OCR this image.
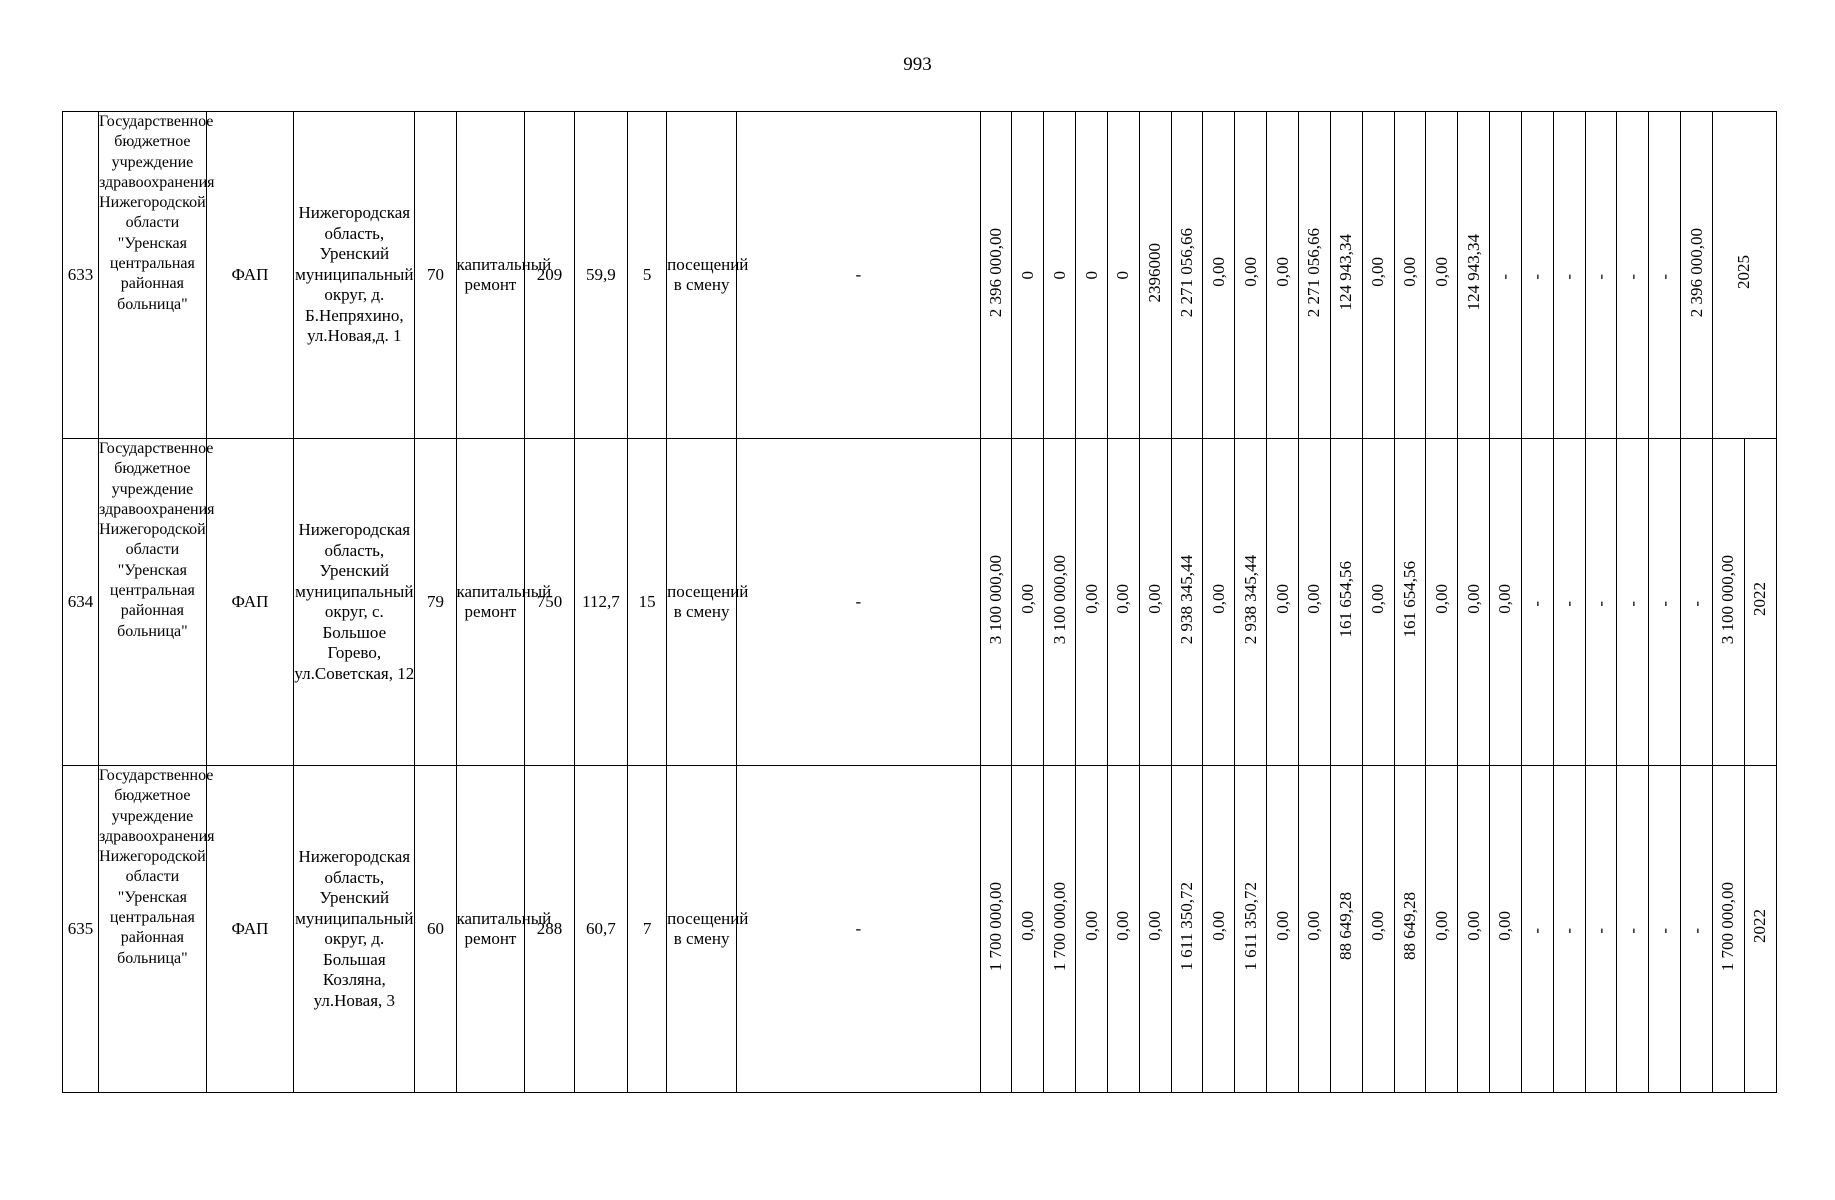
993
633	Государственное бюджетное учреждение здравоохранения Нижегородской области "Уренская центральная районная больница"	ФАП	Нижегородская область, Уренский муниципальный округ, д. Б.Непряхино, ул.Новая,д. 1	70	капитальный ремонт	209	59,9	5	посещений в смену	-	2 396 000,00	0	0	0	0	2396000	2 271 056,66	0,00	0,00	0,00	2 271 056,66	124 943,34	0,00	0,00	0,00	124 943,34	-	-	-	-	-	-	2 396 000,00	2025	
634	Государственное бюджетное учреждение здравоохранения Нижегородской области "Уренская центральная районная больница"	ФАП	Нижегородская область, Уренский муниципальный округ, с. Большое Горево, ул.Советская, 12	79	капитальный ремонт	750	112,7	15	посещений в смену	-	3 100 000,00	0,00	3 100 000,00	0,00	0,00	0,00	2 938 345,44	0,00	2 938 345,44	0,00	0,00	161 654,56	0,00	161 654,56	0,00	0,00	0,00	-	-	-	-	-	-	3 100 000,00	2022
635	Государственное бюджетное учреждение здравоохранения Нижегородской области "Уренская центральная районная больница"	ФАП	Нижегородская область, Уренский муниципальный округ, д. Большая Козляна, ул.Новая, 3	60	капитальный ремонт	288	60,7	7	посещений в смену	-	1 700 000,00	0,00	1 700 000,00	0,00	0,00	0,00	1 611 350,72	0,00	1 611 350,72	0,00	0,00	88 649,28	0,00	88 649,28	0,00	0,00	0,00	-	-	-	-	-	-	1 700 000,00	2022
